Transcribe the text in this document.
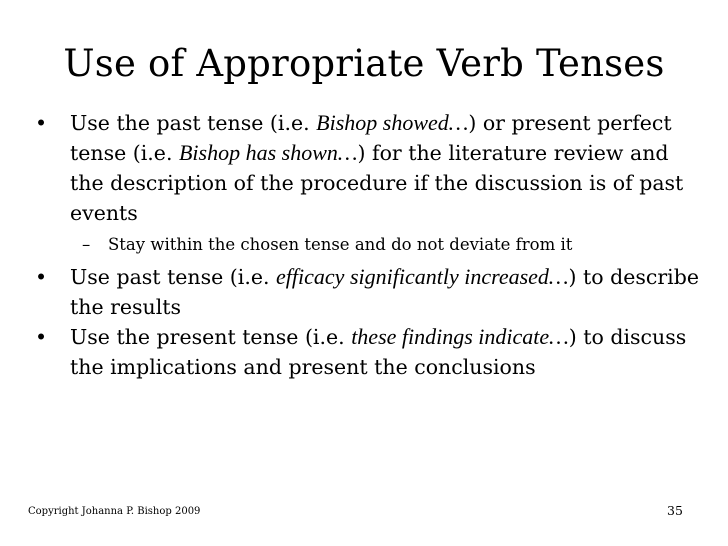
Use of Appropriate Verb Tenses

•	Use the past tense (i.e. Bishop showed…) or present perfect tense (i.e. Bishop has shown…) for the literature review and the description of the procedure if the discussion is of past events

– Stay within the chosen tense and do not deviate from it

•	Use past tense (i.e. efficacy significantly increased…) to describe the results

•	Use the present tense (i.e. these findings indicate…) to discuss the implications and present the conclusions

Copyright Johanna P. Bishop 2009	35
